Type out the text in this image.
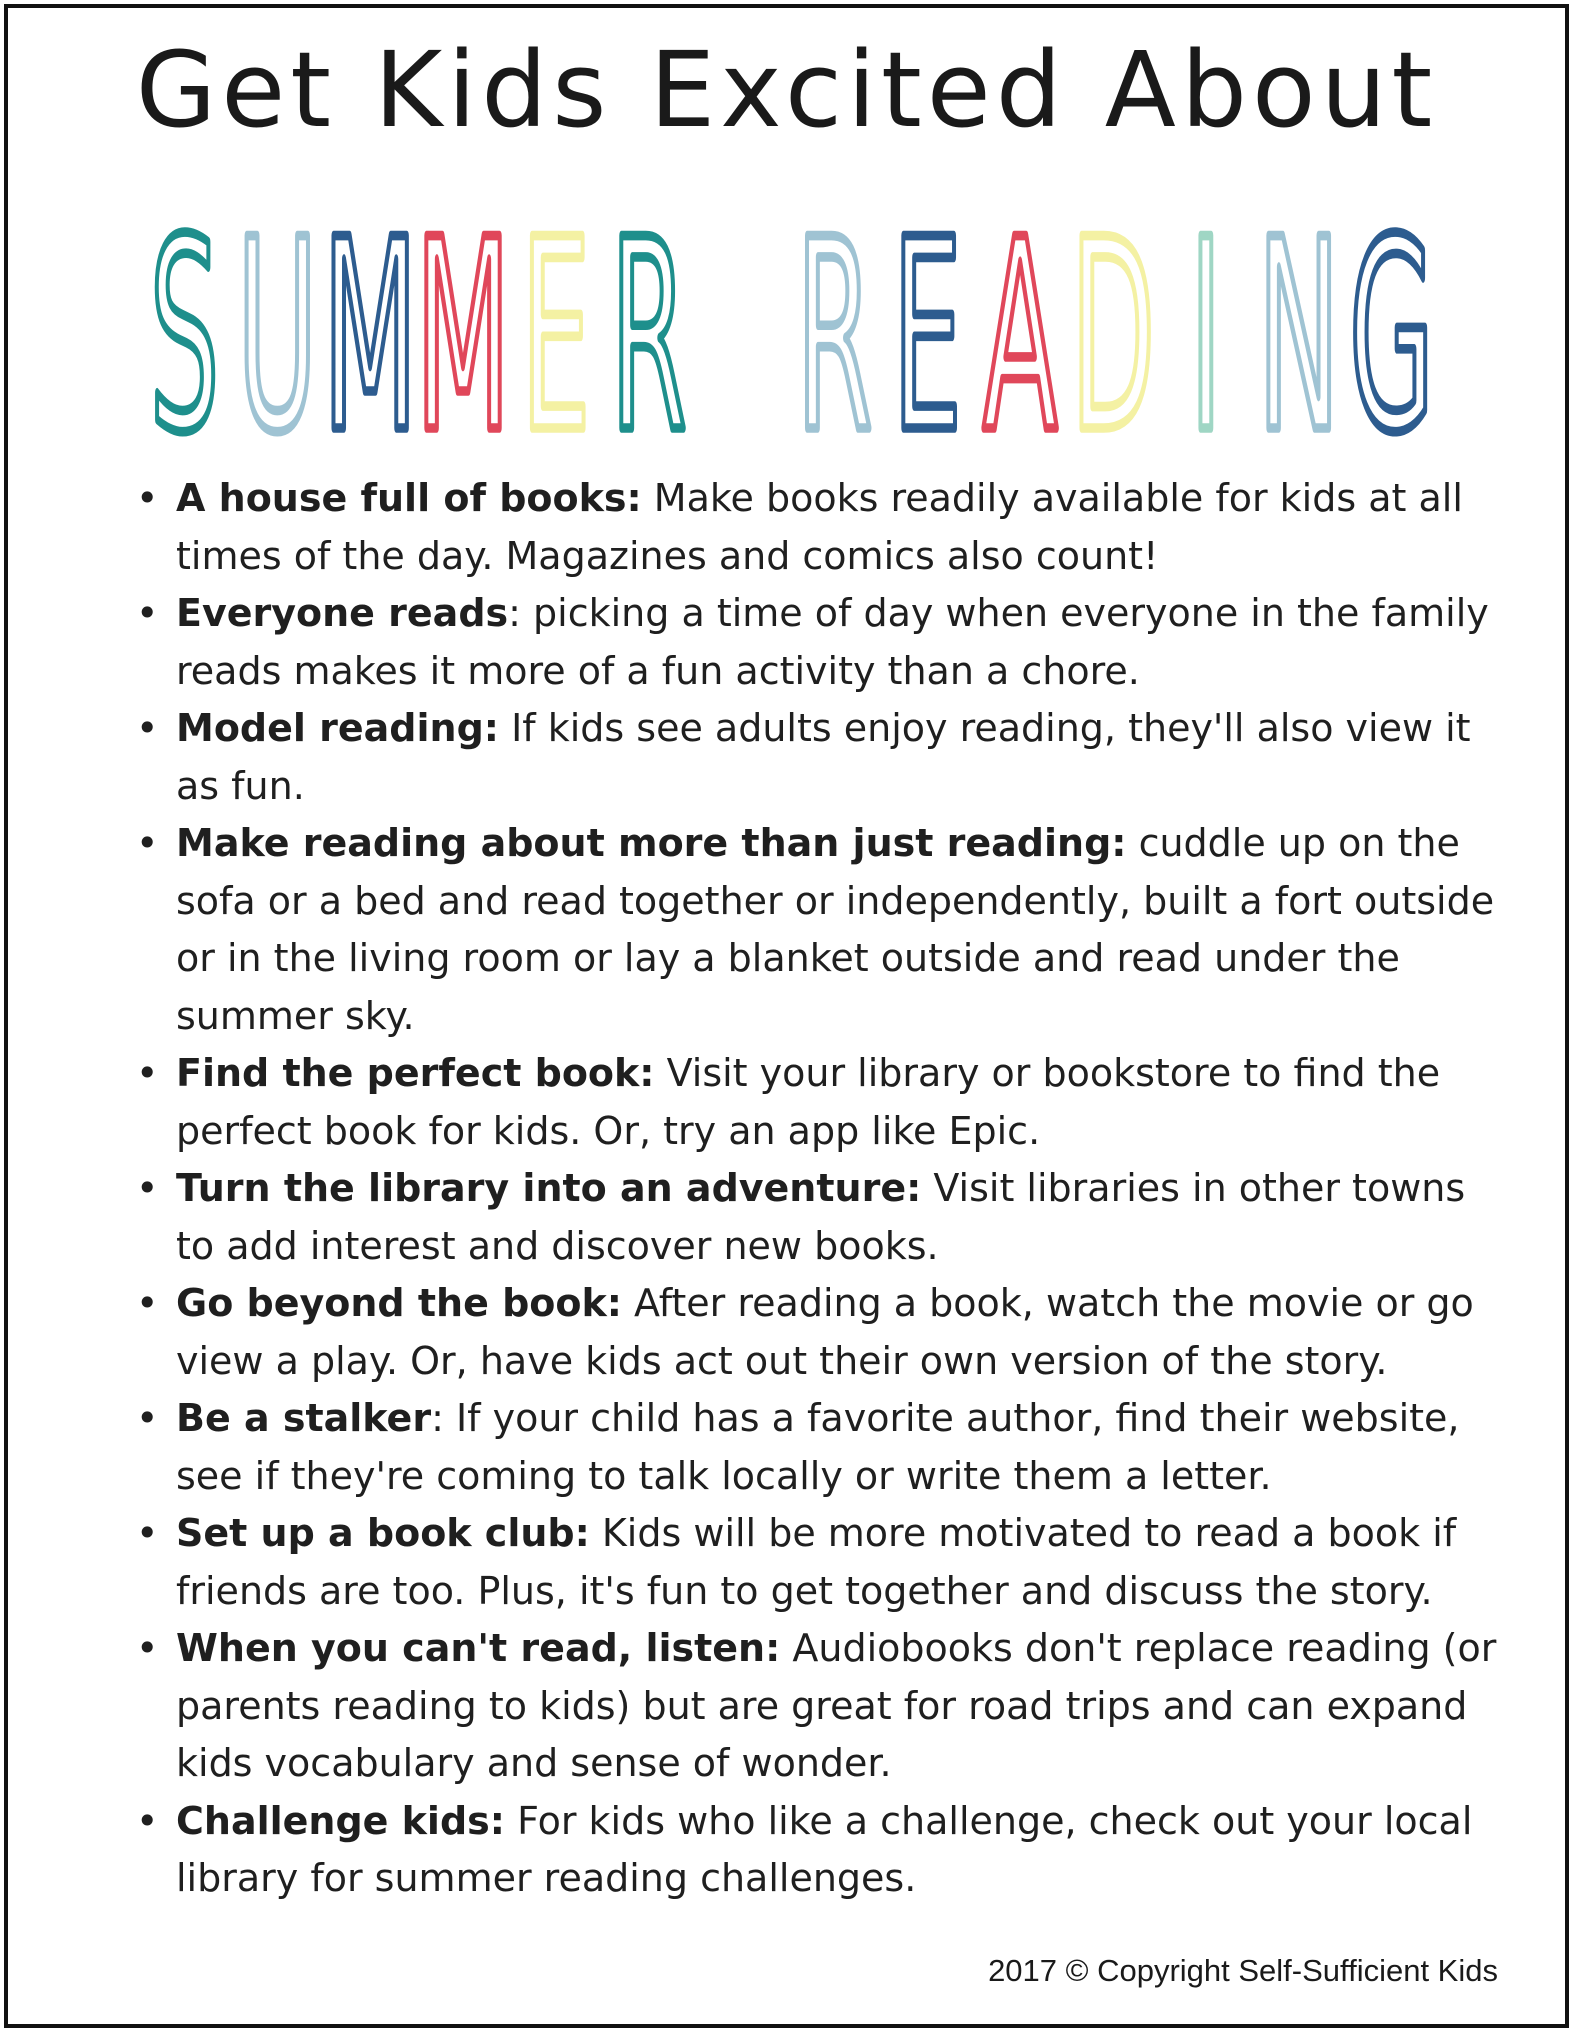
Get Kids Excited About
S U M
M E R R E A D I N G
• A house full of books: Make books readily available for kids at all times of the day. Magazines and comics also count!
• Everyone reads: picking a time of day when everyone in the family reads makes it more of a fun activity than a chore.
• Model reading: If kids see adults enjoy reading, they'll also view it as fun.
• Make reading about more than just reading: cuddle up on the sofa or a bed and read together or independently, built a fort outside or in the living room or lay a blanket outside and read under the summer sky.
• Find the perfect book: Visit your library or bookstore to find the perfect book for kids. Or, try an app like Epic.
• Turn the library into an adventure: Visit libraries in other towns to add interest and discover new books.
• Go beyond the book: After reading a book, watch the movie or go view a play. Or, have kids act out their own version of the story.
• Be a stalker: If your child has a favorite author, find their website, see if they're coming to talk locally or write them a letter.
• Set up a book club: Kids will be more motivated to read a book if friends are too. Plus, it's fun to get together and discuss the story.
• When you can't read, listen: Audiobooks don't replace reading (or parents reading to kids) but are great for road trips and can expand kids vocabulary and sense of wonder.
• Challenge kids: For kids who like a challenge, check out your local library for summer reading challenges.
2017 © Copyright Self-Sufficient Kids
